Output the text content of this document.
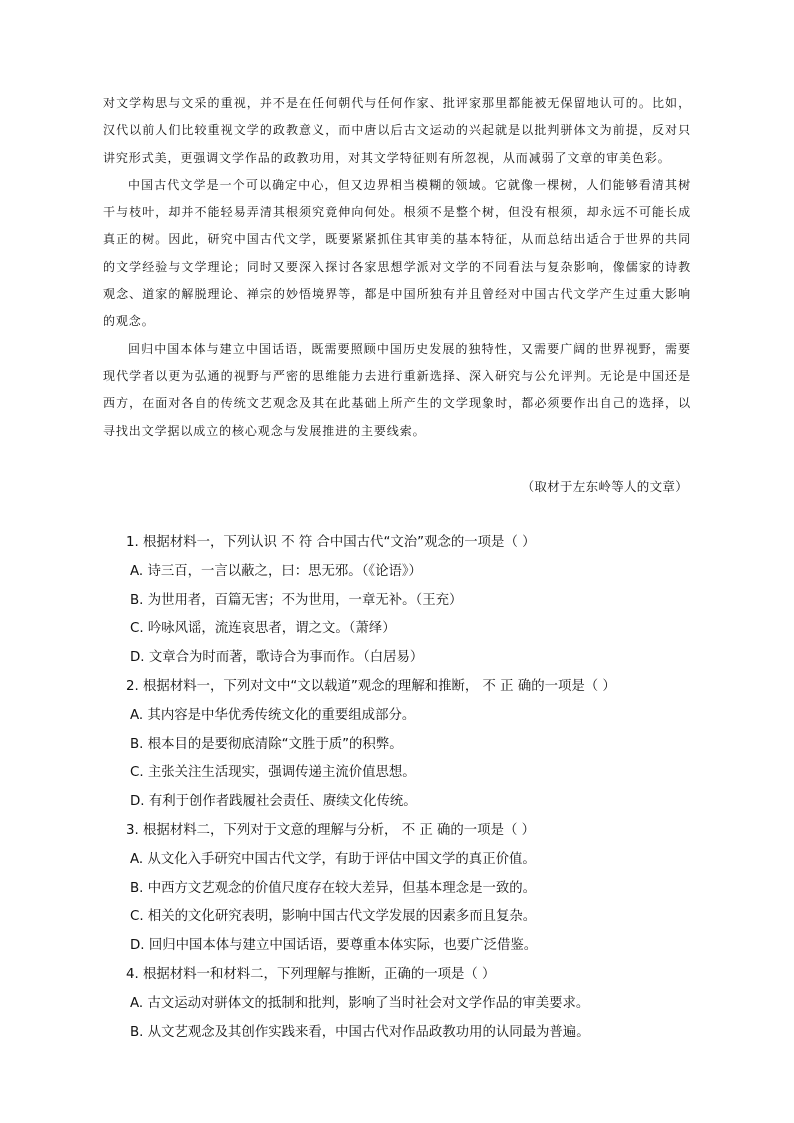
对文学构思与文采的重视，并不是在任何朝代与任何作家、批评家那里都能被无保留地认可的。比如，汉代以前人们比较重视文学的政教意义，而中唐以后古文运动的兴起就是以批判骈体文为前提，反对只讲究形式美，更强调文学作品的政教功用，对其文学特征则有所忽视，从而减弱了文章的审美色彩。

中国古代文学是一个可以确定中心，但又边界相当模糊的领域。它就像一棵树，人们能够看清其树干与枝叶，却并不能轻易弄清其根须究竟伸向何处。根须不是整个树，但没有根须，却永远不可能长成真正的树。因此，研究中国古代文学，既要紧紧抓住其审美的基本特征，从而总结出适合于世界的共同的文学经验与文学理论；同时又要深入探讨各家思想学派对文学的不同看法与复杂影响，像儒家的诗教观念、道家的解脱理论、禅宗的妙悟境界等，都是中国所独有并且曾经对中国古代文学产生过重大影响的观念。

回归中国本体与建立中国话语，既需要照顾中国历史发展的独特性，又需要广阔的世界视野，需要现代学者以更为弘通的视野与严密的思维能力去进行重新选择、深入研究与公允评判。无论是中国还是西方，在面对各自的传统文艺观念及其在此基础上所产生的文学现象时，都必须要作出自己的选择，以寻找出文学据以成立的核心观念与发展推进的主要线索。

（取材于左东岭等人的文章）
1. 根据材料一，下列认识 不 符 合中国古代“文治”观念的一项是（ ）
A. 诗三百，一言以蔽之，曰：思无邪。（《论语》）
B. 为世用者，百篇无害；不为世用，一章无补。（王充）
C. 吟咏风谣，流连哀思者，谓之文。（萧绎）
D. 文章合为时而著，歌诗合为事而作。（白居易）
2. 根据材料一，下列对文中“文以载道”观念的理解和推断， 不 正 确的一项是（ ）
A. 其内容是中华优秀传统文化的重要组成部分。
B. 根本目的是要彻底清除“文胜于质”的积弊。
C. 主张关注生活现实，强调传递主流价值思想。
D. 有利于创作者践履社会责任、赓续文化传统。
3. 根据材料二，下列对于文意的理解与分析， 不 正 确的一项是（ ）
A. 从文化入手研究中国古代文学，有助于评估中国文学的真正价值。
B. 中西方文艺观念的价值尺度存在较大差异，但基本理念是一致的。
C. 相关的文化研究表明，影响中国古代文学发展的因素多而且复杂。
D. 回归中国本体与建立中国话语，要尊重本体实际，也要广泛借鉴。
4. 根据材料一和材料二，下列理解与推断，正确的一项是（ ）
A. 古文运动对骈体文的抵制和批判，影响了当时社会对文学作品的审美要求。
B. 从文艺观念及其创作实践来看，中国古代对作品政教功用的认同最为普遍。
